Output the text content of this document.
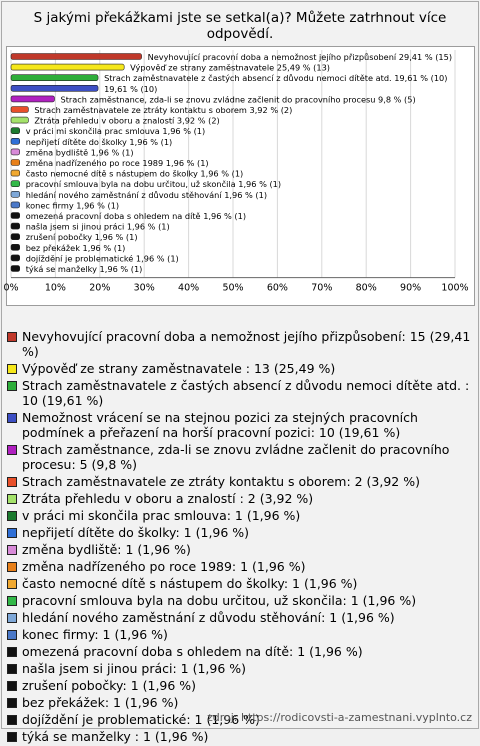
S jakými překážkami jste se setkal(a)? Můžete zatrhnout více odpovědí.
0%	10% 20% 30% 40% 50% 60% 70% 80% 90% 100%
Nevyhovující pracovní doba a nemožnost jejího přizpůsobení 29,41 % (15)
Výpověď ze strany zaměstnavatele 25,49 % (13)
Strach zaměstnavatele z častých absencí z důvodu nemoci dítěte atd. 19,61 % (10)
19,61 % (10)
Strach zaměstnance, zda-li se znovu zvládne začlenit do pracovního procesu 9,8 % (5)
Strach zaměstnavatele ze ztráty kontaktu s oborem 3,92 % (2)
Ztráta přehledu v oboru a znalostí 3,92 % (2)
v práci mi skončila prac smlouva 1,96 % (1)
nepřijetí dítěte do školky 1,96 % (1)
změna bydliště 1,96 % (1)
změna nadřízeného po roce 1989 1,96 % (1)
často nemocné dítě s nástupem do školky 1,96 % (1)
pracovní smlouva byla na dobu určitou, už skončila 1,96 % (1)
hledání nového zaměstnání z důvodu stěhování 1,96 % (1)
konec firmy 1,96 % (1)
omezená pracovní doba s ohledem na dítě 1,96 % (1)
našla jsem si jinou práci 1,96 % (1)
zrušení pobočky 1,96 % (1)
bez překážek 1,96 % (1)
dojíždění je problematické 1,96 % (1)
týká se manželky 1,96 % (1)
Nevyhovující pracovní doba a nemožnost jejího přizpůsobení: 15 (29,41 %)
Výpověď ze strany zaměstnavatele : 13 (25,49 %)
Strach zaměstnavatele z častých absencí z důvodu nemoci dítěte atd. : 10 (19,61 %)
Nemožnost vrácení se na stejnou pozici za stejných pracovních podmínek a přeřazení na horší pracovní pozici: 10 (19,61 %)
Strach zaměstnance, zda-li se znovu zvládne začlenit do pracovního procesu: 5 (9,8 %)
Strach zaměstnavatele ze ztráty kontaktu s oborem: 2 (3,92 %)
Ztráta přehledu v oboru a znalostí : 2 (3,92 %)
v práci mi skončila prac smlouva: 1 (1,96 %)
nepřijetí dítěte do školky: 1 (1,96 %)
změna bydliště: 1 (1,96 %)
změna nadřízeného po roce 1989: 1 (1,96 %)
často nemocné dítě s nástupem do školky: 1 (1,96 %)
pracovní smlouva byla na dobu určitou, už skončila: 1 (1,96 %)
hledání nového zaměstnání z důvodu stěhování: 1 (1,96 %)
konec firmy: 1 (1,96 %)
omezená pracovní doba s ohledem na dítě: 1 (1,96 %)
našla jsem si jinou práci: 1 (1,96 %)
zrušení pobočky: 1 (1,96 %)
bez překážek: 1 (1,96 %)
dojíždění je problematické: 1 (1,96 %)
týká se manželky : 1 (1,96 %)
zdroj: https://rodicovsti-a-zamestnani.vyplnto.cz
